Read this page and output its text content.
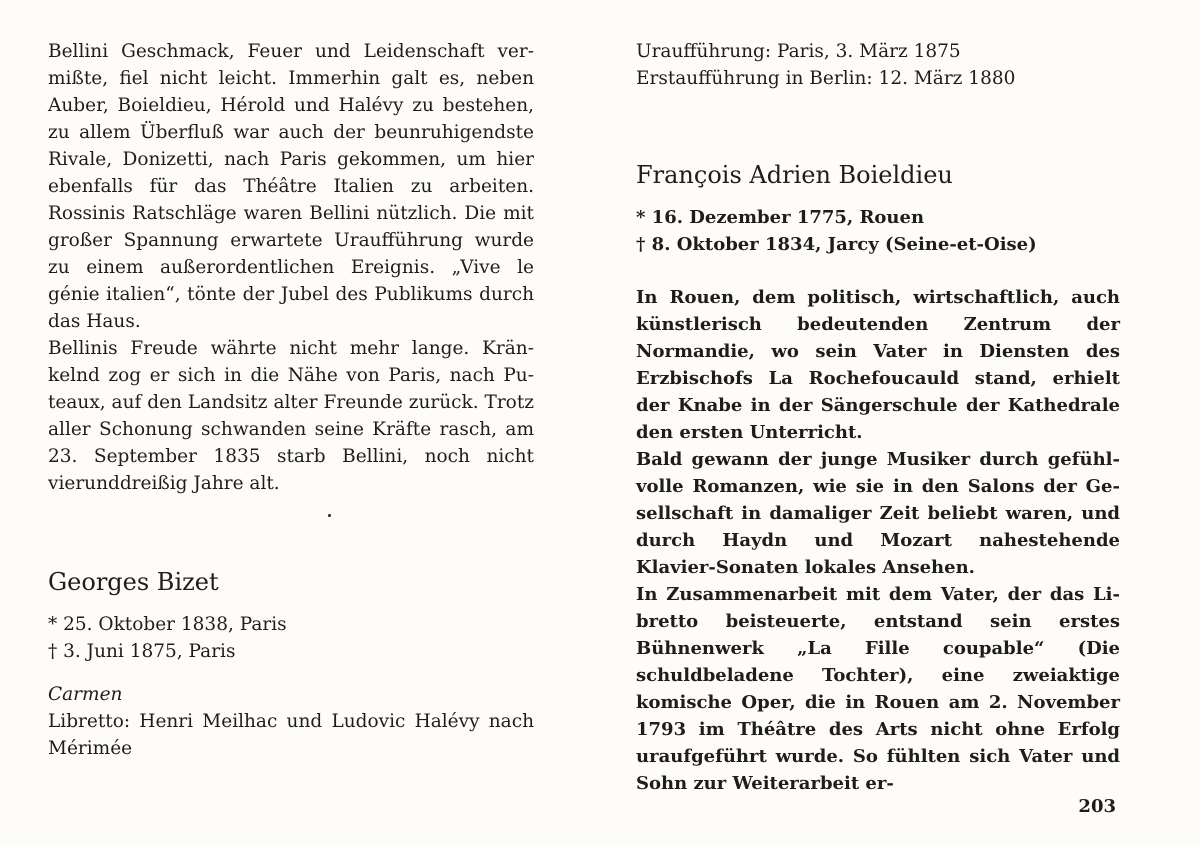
Bellini Geschmack, Feuer und Leidenschaft vermißte, fiel nicht leicht. Immerhin galt es, neben Auber, Boieldieu, Hérold und Halévy zu bestehen, zu allem Überfluß war auch der beunruhigendste Rivale, Donizetti, nach Paris gekommen, um hier ebenfalls für das Théâtre Italien zu arbeiten. Rossinis Ratschläge waren Bellini nützlich. Die mit großer Spannung erwartete Uraufführung wurde zu einem außerordentlichen Ereignis. „Vive le génie italien“, tönte der Jubel des Publikums durch das Haus.

Bellinis Freude währte nicht mehr lange. Kränkelnd zog er sich in die Nähe von Paris, nach Puteaux, auf den Landsitz alter Freunde zurück. Trotz aller Schonung schwanden seine Kräfte rasch, am 23. September 1835 starb Bellini, noch nicht vierunddreißig Jahre alt.

Georges Bizet

* 25. Oktober 1838, Paris

† 3. Juni 1875, Paris

Carmen

Libretto: Henri Meilhac und Ludovic Halévy nach Mérimée

Uraufführung: Paris, 3. März 1875

Erstaufführung in Berlin: 12. März 1880

François Adrien Boieldieu

* 16. Dezember 1775, Rouen

† 8. Oktober 1834, Jarcy (Seine-et-Oise)

In Rouen, dem politisch, wirtschaftlich, auch künstlerisch bedeutenden Zentrum der Normandie, wo sein Vater in Diensten des Erzbischofs La Rochefoucauld stand, erhielt der Knabe in der Sängerschule der Kathedrale den ersten Unterricht.

Bald gewann der junge Musiker durch gefühlvolle Romanzen, wie sie in den Salons der Gesellschaft in damaliger Zeit beliebt waren, und durch Haydn und Mozart nahestehende Klavier-Sonaten lokales Ansehen.

In Zusammenarbeit mit dem Vater, der das Libretto beisteuerte, entstand sein erstes Bühnenwerk „La Fille coupable“ (Die schuldbeladene Tochter), eine zweiaktige komische Oper, die in Rouen am 2. November 1793 im Théâtre des Arts nicht ohne Erfolg uraufgeführt wurde. So fühlten sich Vater und Sohn zur Weiterarbeit er-

203
